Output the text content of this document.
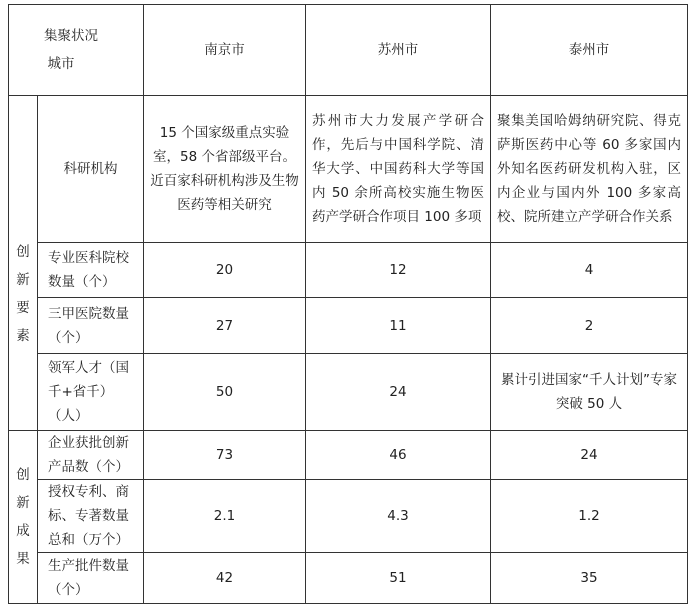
集聚状况
城市		南京市	苏州市	泰州市

创
新
要
素	科研机构	15 个国家级重点实验室，58 个省部级平台。近百家科研机构涉及生物医药等相关研究	苏州市大力发展产学研合作，先后与中国科学院、清华大学、中国药科大学等国内 50 余所高校实施生物医药产学研合作项目 100 多项	聚集美国哈姆纳研究院、得克萨斯医药中心等 60 多家国内外知名医药研发机构入驻，区内企业与国内外 100 多家高校、院所建立产学研合作关系
	专业医科院校数量（个）	20	12	4
	三甲医院数量（个）	27	11	2
	领军人才（国千+省千）（人）	50	24	累计引进国家“千人计划”专家突破 50 人

创
新
成
果	企业获批创新产品数（个）	73	46	24
	授权专利、商标、专著数量总和（万个）	2.1	4.3	1.2
	生产批件数量（个）	42	51	35
